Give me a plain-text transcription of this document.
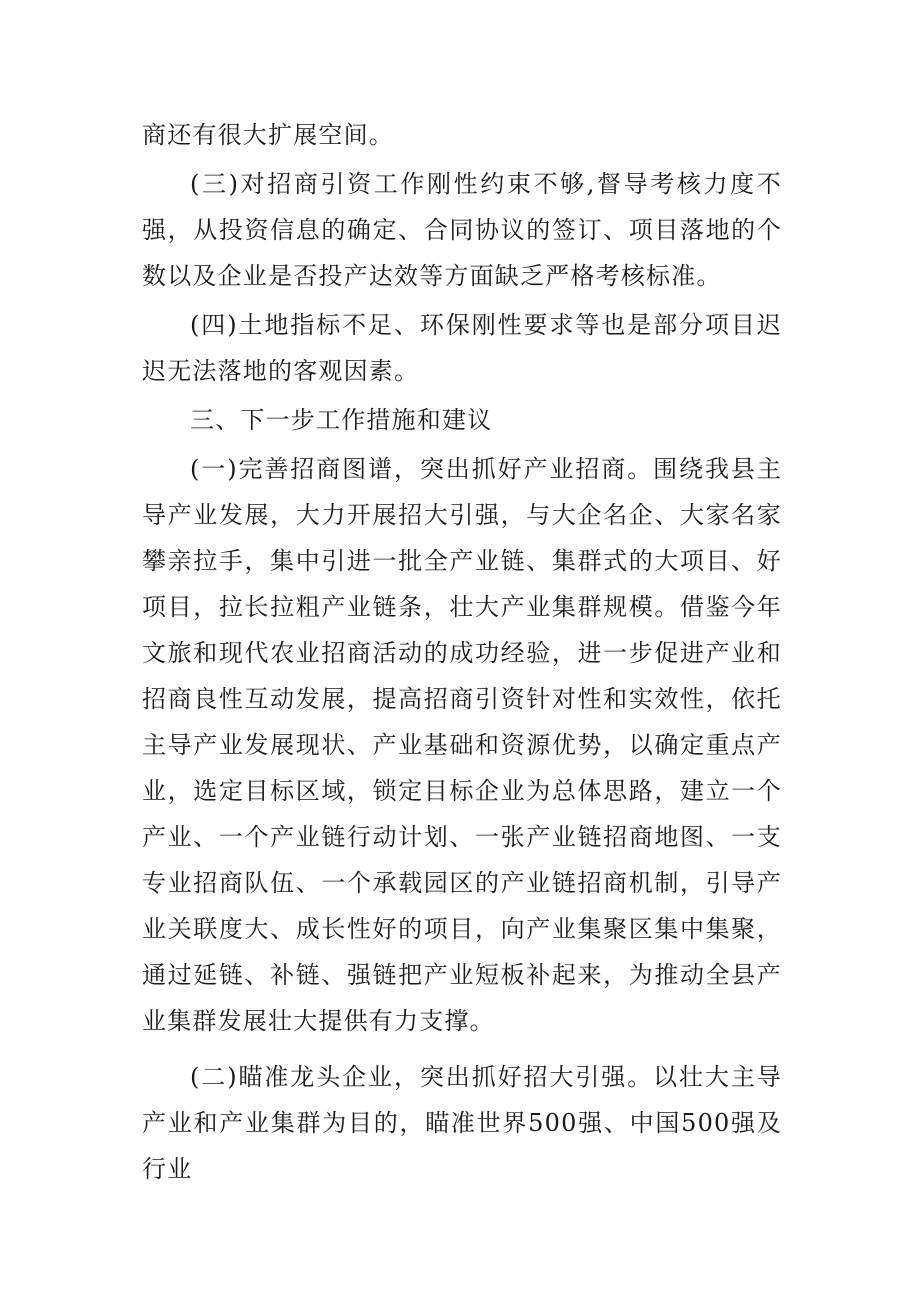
商还有很大扩展空间。

(三)对招商引资工作刚性约束不够,督导考核力度不强，从投资信息的确定、合同协议的签订、项目落地的个数以及企业是否投产达效等方面缺乏严格考核标准。

(四)土地指标不足、环保刚性要求等也是部分项目迟迟无法落地的客观因素。

三、下一步工作措施和建议

(一)完善招商图谱，突出抓好产业招商。围绕我县主导产业发展，大力开展招大引强，与大企名企、大家名家攀亲拉手，集中引进一批全产业链、集群式的大项目、好项目，拉长拉粗产业链条，壮大产业集群规模。借鉴今年文旅和现代农业招商活动的成功经验，进一步促进产业和招商良性互动发展，提高招商引资针对性和实效性，依托主导产业发展现状、产业基础和资源优势，以确定重点产业，选定目标区域，锁定目标企业为总体思路，建立一个产业、一个产业链行动计划、一张产业链招商地图、一支专业招商队伍、一个承载园区的产业链招商机制，引导产业关联度大、成长性好的项目，向产业集聚区集中集聚，通过延链、补链、强链把产业短板补起来，为推动全县产业集群发展壮大提供有力支撑。

(二)瞄准龙头企业，突出抓好招大引强。以壮大主导产业和产业集群为目的，瞄准世界500强、中国500强及行业
